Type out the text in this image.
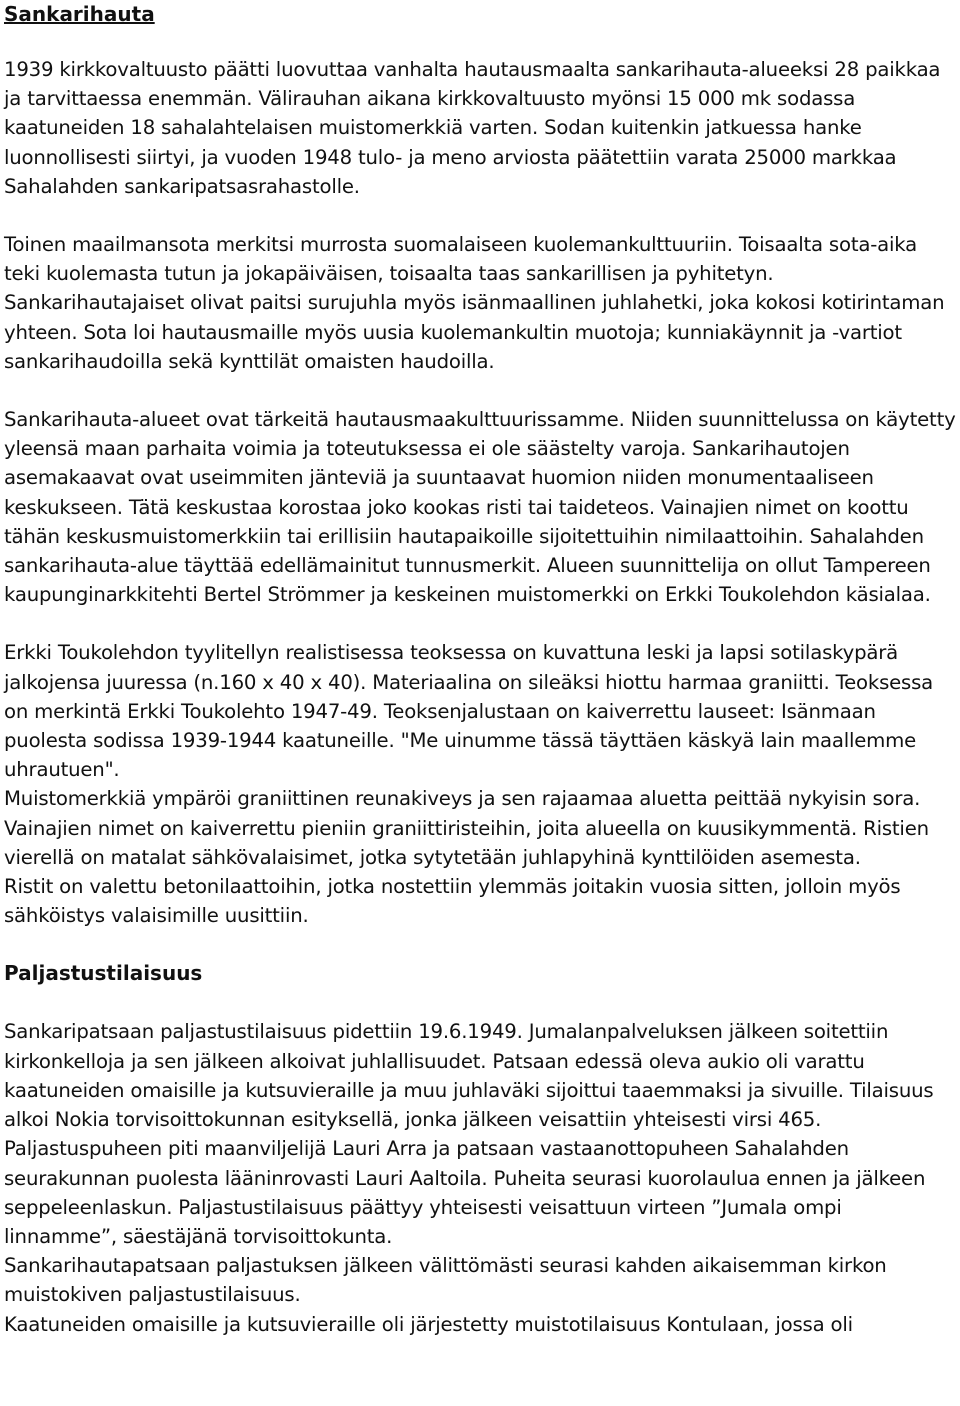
Sankarihauta

1939 kirkkovaltuusto päätti luovuttaa vanhalta hautausmaalta sankarihauta-alueeksi 28 paikkaa ja tarvittaessa enemmän. Välirauhan aikana kirkkovaltuusto myönsi 15 000 mk sodassa kaatuneiden 18 sahalahtelaisen muistomerkkiä varten. Sodan kuitenkin jatkuessa hanke luonnollisesti siirtyi, ja vuoden 1948 tulo- ja meno arviosta päätettiin varata 25000 markkaa Sahalahden sankaripatsasrahastolle.

Toinen maailmansota merkitsi murrosta suomalaiseen kuolemankulttuuriin. Toisaalta sota-aika teki kuolemasta tutun ja jokapäiväisen, toisaalta taas sankarillisen ja pyhitetyn. Sankarihautajaiset olivat paitsi surujuhla myös isänmaallinen juhlahetki, joka kokosi kotirintaman yhteen. Sota loi hautausmaille myös uusia kuolemankultin muotoja; kunniakäynnit ja -vartiot sankarihaudoilla sekä kynttilät omaisten haudoilla.

Sankarihauta-alueet ovat tärkeitä hautausmaakulttuurissamme. Niiden suunnittelussa on käytetty yleensä maan parhaita voimia ja toteutuksessa ei ole säästelty varoja. Sankarihautojen asemakaavat ovat useimmiten jänteviä ja suuntaavat huomion niiden monumentaaliseen keskukseen. Tätä keskustaa korostaa joko kookas risti tai taideteos. Vainajien nimet on koottu tähän keskusmuistomerkkiin tai erillisiin hautapaikoille sijoitettuihin nimilaattoihin. Sahalahden sankarihauta-alue täyttää edellämainitut tunnusmerkit. Alueen suunnittelija on ollut Tampereen kaupunginarkkitehti Bertel Strömmer ja keskeinen muistomerkki on Erkki Toukolehdon käsialaa.

Erkki Toukolehdon tyylitellyn realistisessa teoksessa on kuvattuna leski ja lapsi sotilaskypärä jalkojensa juuressa (n.160 x 40 x 40). Materiaalina on sileäksi hiottu harmaa graniitti. Teoksessa on merkintä Erkki Toukolehto 1947-49. Teoksenjalustaan on kaiverrettu lauseet: Isänmaan puolesta sodissa 1939-1944 kaatuneille. "Me uinumme tässä täyttäen käskyä lain maallemme uhrautuen".

Muistomerkkiä ympäröi graniittinen reunakiveys ja sen rajaamaa aluetta peittää nykyisin sora. Vainajien nimet on kaiverrettu pieniin graniittiristeihin, joita alueella on kuusikymmentä. Ristien vierellä on matalat sähkövalaisimet, jotka sytytetään juhlapyhinä kynttilöiden asemesta.

Ristit on valettu betonilaattoihin, jotka nostettiin ylemmäs joitakin vuosia sitten, jolloin myös sähköistys valaisimille uusittiin.

Paljastustilaisuus

Sankaripatsaan paljastustilaisuus pidettiin 19.6.1949. Jumalanpalveluksen jälkeen soitettiin kirkonkelloja ja sen jälkeen alkoivat juhlallisuudet. Patsaan edessä oleva aukio oli varattu kaatuneiden omaisille ja kutsuvieraille ja muu juhlaväki sijoittui taaemmaksi ja sivuille. Tilaisuus alkoi Nokia torvisoittokunnan esityksellä, jonka jälkeen veisattiin yhteisesti virsi 465.

Paljastuspuheen piti maanviljelijä Lauri Arra ja patsaan vastaanottopuheen Sahalahden seurakunnan puolesta lääninrovasti Lauri Aaltoila. Puheita seurasi kuorolaulua ennen ja jälkeen seppeleenlaskun. Paljastustilaisuus päättyy yhteisesti veisattuun virteen ”Jumala ompi linnamme”, säestäjänä torvisoittokunta.

Sankarihautapatsaan paljastuksen jälkeen välittömästi seurasi kahden aikaisemman kirkon muistokiven paljastustilaisuus.

Kaatuneiden omaisille ja kutsuvieraille oli järjestetty muistotilaisuus Kontulaan, jossa oli
